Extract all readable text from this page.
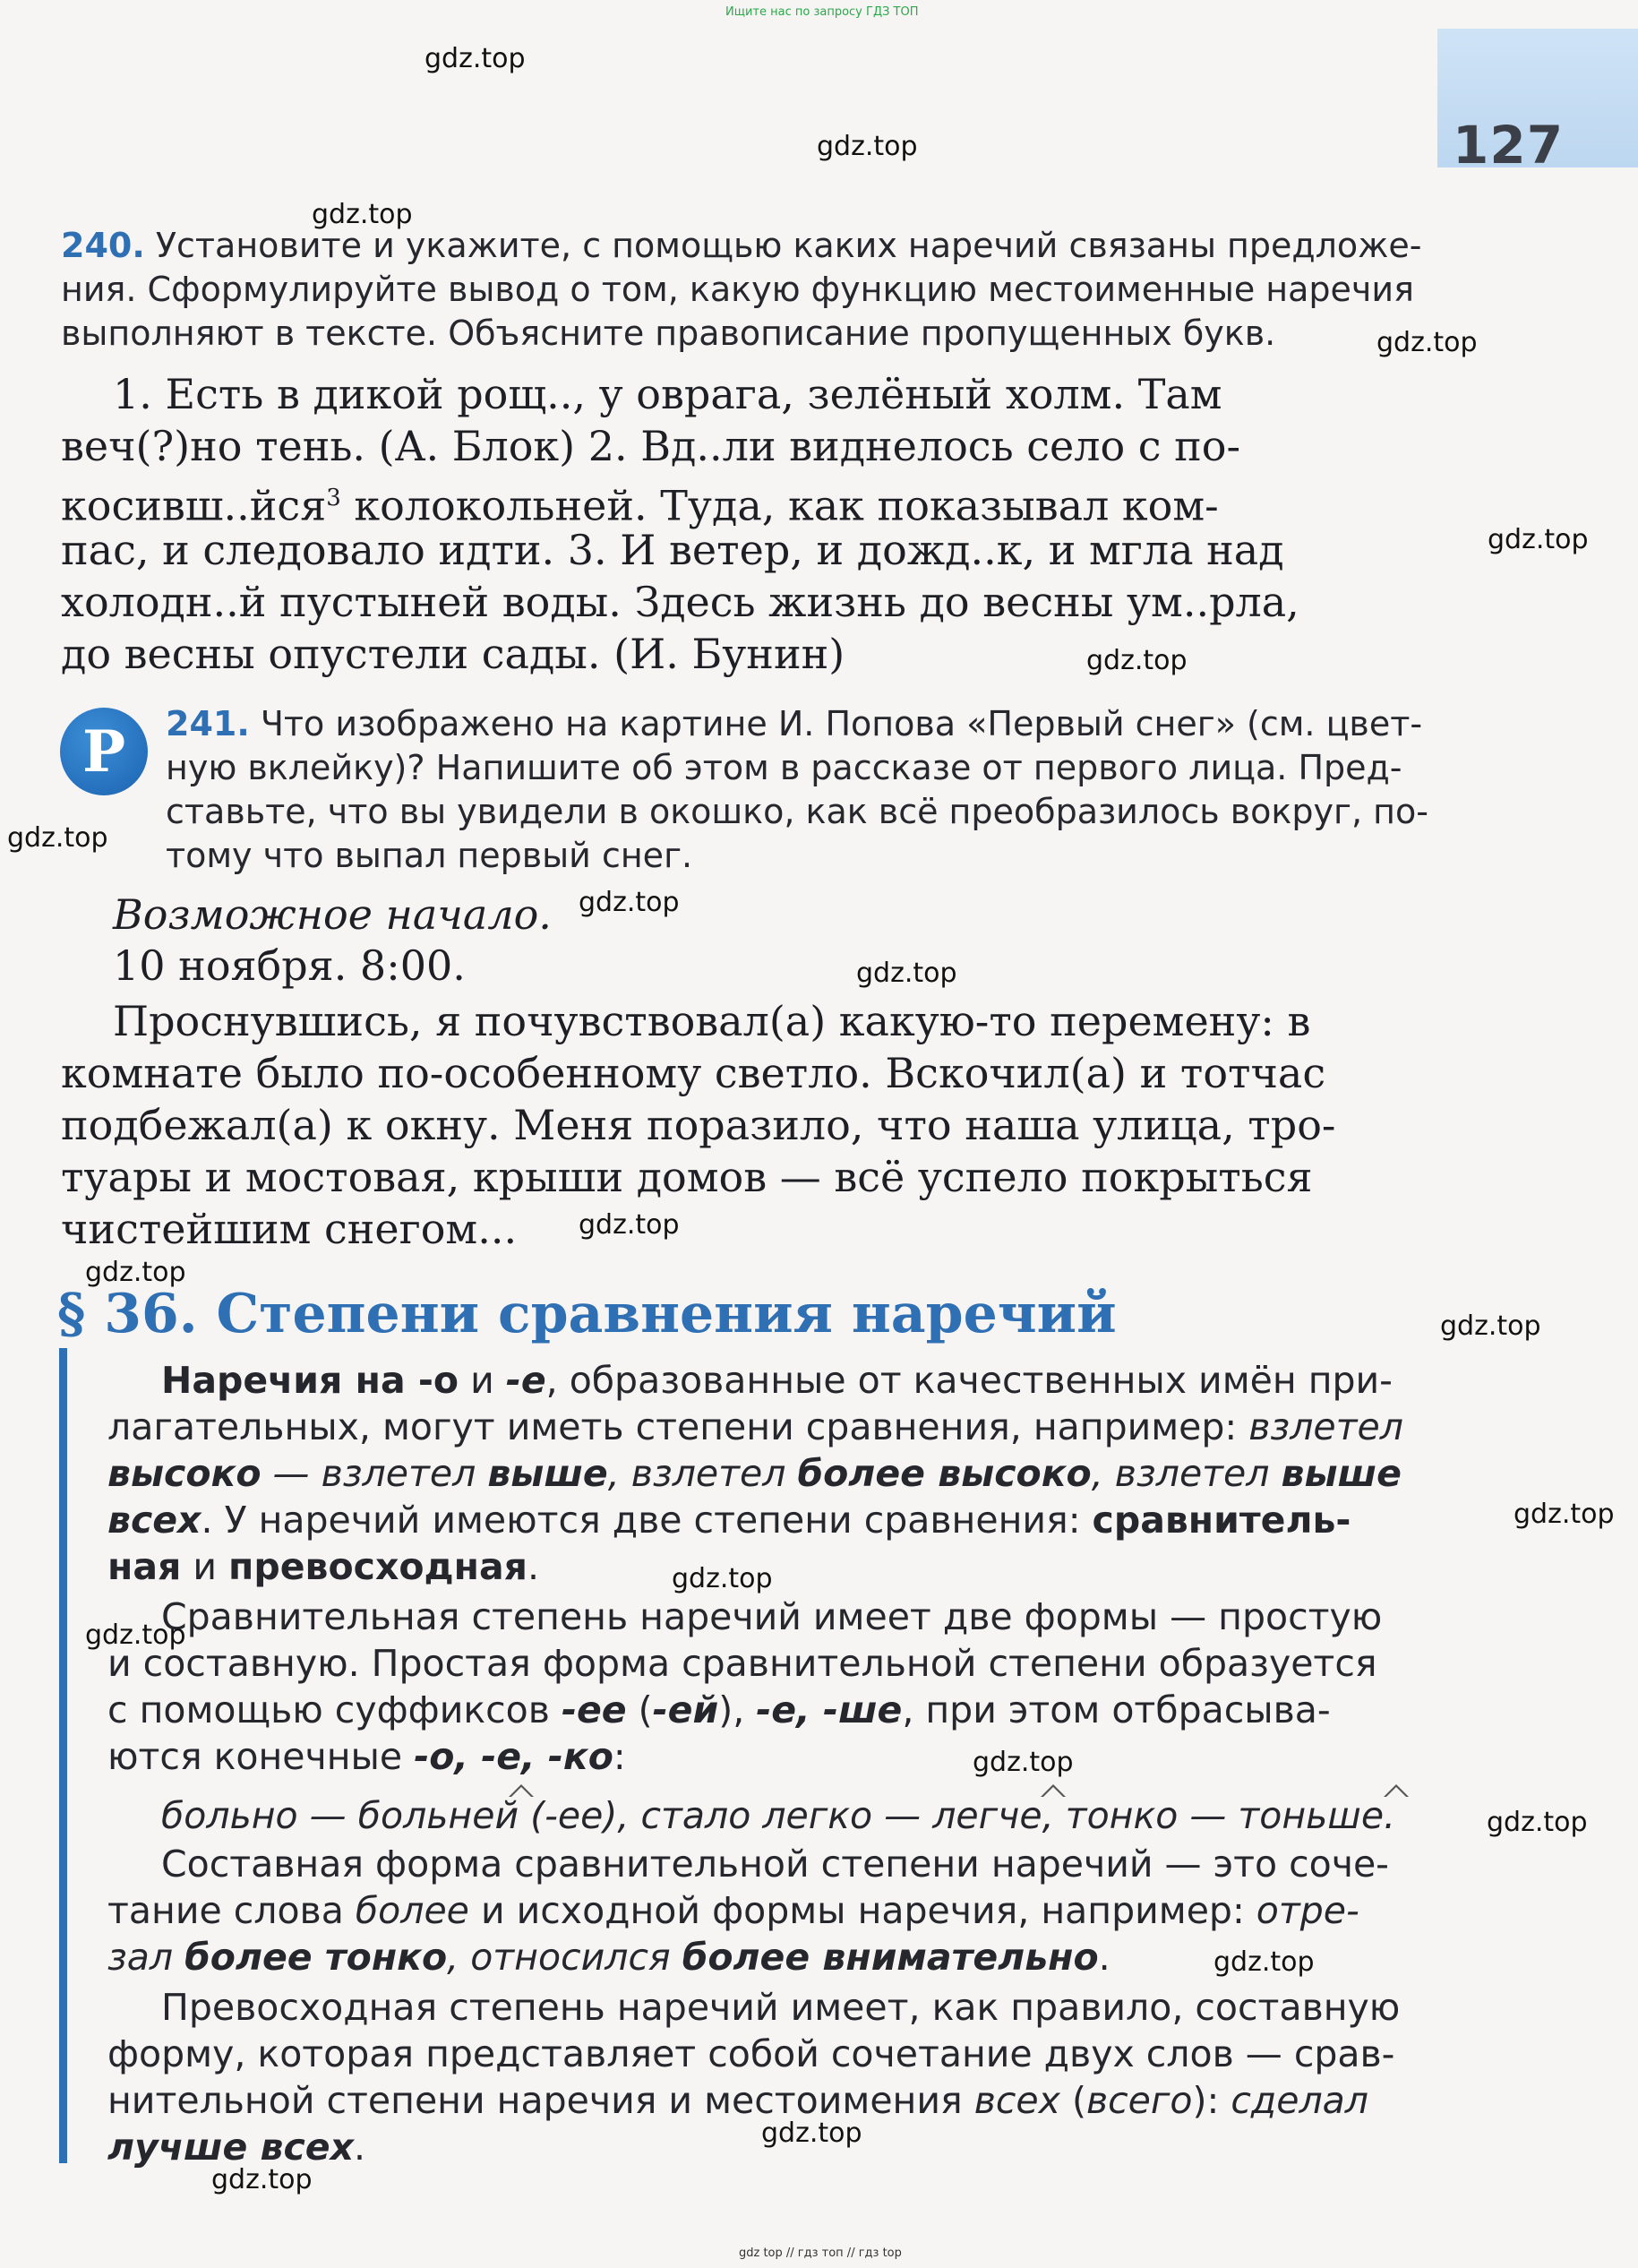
Ищите нас по запросу ГДЗ ТОП
gdz top // гдз топ // гдз top
127
240. Установите и укажите, с помощью каких наречий связаны предложе-
ния. Сформулируйте вывод о том, какую функцию местоименные наречия
выполняют в тексте. Объясните правописание пропущенных букв.
1. Есть в дикой рощ.., у оврага, зелёный холм. Там
веч(?)но тень. (А. Блок) 2. Вд..ли виднелось село с по-
косивш..йся$^3$ колокольней. Туда, как показывал ком-
пас, и следовало идти. 3. И ветер, и дожд..к, и мгла над
холодн..й пустыней воды. Здесь жизнь до весны ум..рла,
до весны опустели сады. (И. Бунин)
Р	241. Что изображено на картине И. Попова «Первый снег» (см. цвет-
ную вклейку)? Напишите об этом в рассказе от первого лица. Пред-
ставьте, что вы увидели в окошко, как всё преобразилось вокруг, по-
тому что выпал первый снег.
Возможное начало.
10 ноября. 8:00.
Проснувшись, я почувствовал(а) какую-то перемену: в
комнате было по-особенному светло. Вскочил(а) и тотчас
подбежал(а) к окну. Меня поразило, что наша улица, тро-
туары и мостовая, крыши домов — всё успело покрыться
чистейшим снегом...
§ 36. Степени сравнения наречий
Наречия на -о и -е, образованные от качественных имён при-
лагательных, могут иметь степени сравнения, например: взлетел
высоко — взлетел выше, взлетел более высоко, взлетел выше
всех. У наречий имеются две степени сравнения: сравнитель-
ная и превосходная.
Сравнительная степень наречий имеет две формы — простую
и составную. Простая форма сравнительной степени образуется
с помощью суффиксов -ее (-ей), -е, -ше, при этом отбрасыва-
ются конечные -о, -е, -ко:
больно — больней (-ее), стало легко — легче, тонко — тоньше.
Составная форма сравнительной степени наречий — это соче-
тание слова более и исходной формы наречия, например: отре-
зал более тонко, относился более внимательно.
Превосходная степень наречий имеет, как правило, составную
форму, которая представляет собой сочетание двух слов — срав-
нительной степени наречия и местоимения всех (всего): сделал
лучше всех.
gdz.top
gdz.top
gdz.top
gdz.top
gdz.top
gdz.top
gdz.top
gdz.top
gdz.top
gdz.top
gdz.top
gdz.top
gdz.top
gdz.top
gdz.top
gdz.top
gdz.top
gdz.top
gdz.top
gdz.top
